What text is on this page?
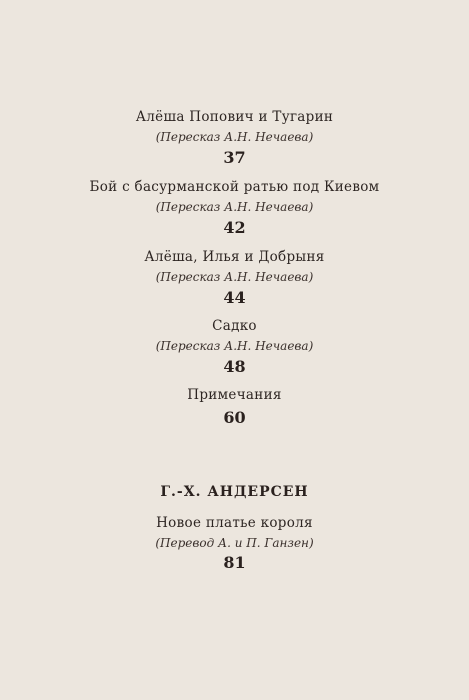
Алёша Попович и Тугарин
(Пересказ А.Н. Нечаева)
37
Бой с басурманской ратью под Киевом
(Пересказ А.Н. Нечаева)
42
Алёша, Илья и Добрыня
(Пересказ А.Н. Нечаева)
44
Садко
(Пересказ А.Н. Нечаева)
48
Примечания
60
Г.-Х. АНДЕРСЕН
Новое платье короля
(Перевод А. и П. Ганзен)
81
